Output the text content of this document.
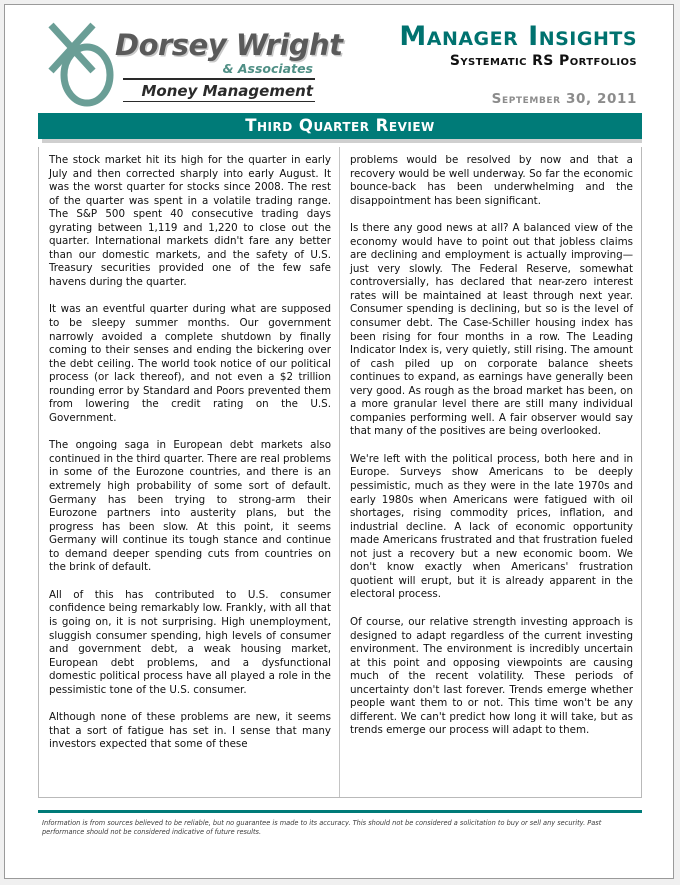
Dorsey Wright
& Associates
Money Management
Manager Insights
Systematic RS Portfolios
September 30, 2011
Third Quarter Review

The stock market hit its high for the quarter in early July and then corrected sharply into early August. It was the worst quarter for stocks since 2008. The rest of the quarter was spent in a volatile trading range. The S&P 500 spent 40 consecutive trading days gyrating between 1,119 and 1,220 to close out the quarter. International markets didn't fare any better than our domestic markets, and the safety of U.S. Treasury securities provided one of the few safe havens during the quarter.

It was an eventful quarter during what are supposed to be sleepy summer months. Our government narrowly avoided a complete shutdown by finally coming to their senses and ending the bickering over the debt ceiling. The world took notice of our political process (or lack thereof), and not even a $2 trillion rounding error by Standard and Poors prevented them from lowering the credit rating on the U.S. Government.

The ongoing saga in European debt markets also continued in the third quarter. There are real problems in some of the Eurozone countries, and there is an extremely high probability of some sort of default. Germany has been trying to strong-arm their Eurozone partners into austerity plans, but the progress has been slow. At this point, it seems Germany will continue its tough stance and continue to demand deeper spending cuts from countries on the brink of default.

All of this has contributed to U.S. consumer confidence being remarkably low. Frankly, with all that is going on, it is not surprising. High unemployment, sluggish consumer spending, high levels of consumer and government debt, a weak housing market, European debt problems, and a dysfunctional domestic political process have all played a role in the pessimistic tone of the U.S. consumer.

Although none of these problems are new, it seems that a sort of fatigue has set in. I sense that many investors expected that some of these

problems would be resolved by now and that a recovery would be well underway. So far the economic bounce-back has been underwhelming and the disappointment has been significant.

Is there any good news at all? A balanced view of the economy would have to point out that jobless claims are declining and employment is actually improving—just very slowly. The Federal Reserve, somewhat controversially, has declared that near-zero interest rates will be maintained at least through next year. Consumer spending is declining, but so is the level of consumer debt. The Case-Schiller housing index has been rising for four months in a row. The Leading Indicator Index is, very quietly, still rising. The amount of cash piled up on corporate balance sheets continues to expand, as earnings have generally been very good. As rough as the broad market has been, on a more granular level there are still many individual companies performing well. A fair observer would say that many of the positives are being overlooked.

We're left with the political process, both here and in Europe. Surveys show Americans to be deeply pessimistic, much as they were in the late 1970s and early 1980s when Americans were fatigued with oil shortages, rising commodity prices, inflation, and industrial decline. A lack of economic opportunity made Americans frustrated and that frustration fueled not just a recovery but a new economic boom. We don't know exactly when Americans' frustration quotient will erupt, but it is already apparent in the electoral process.

Of course, our relative strength investing approach is designed to adapt regardless of the current investing environment. The environment is incredibly uncertain at this point and opposing viewpoints are causing much of the recent volatility. These periods of uncertainty don't last forever. Trends emerge whether people want them to or not. This time won't be any different. We can't predict how long it will take, but as trends emerge our process will adapt to them.

Information is from sources believed to be reliable, but no guarantee is made to its accuracy. This should not be considered a solicitation to buy or sell any security. Past performance should not be considered indicative of future results.
